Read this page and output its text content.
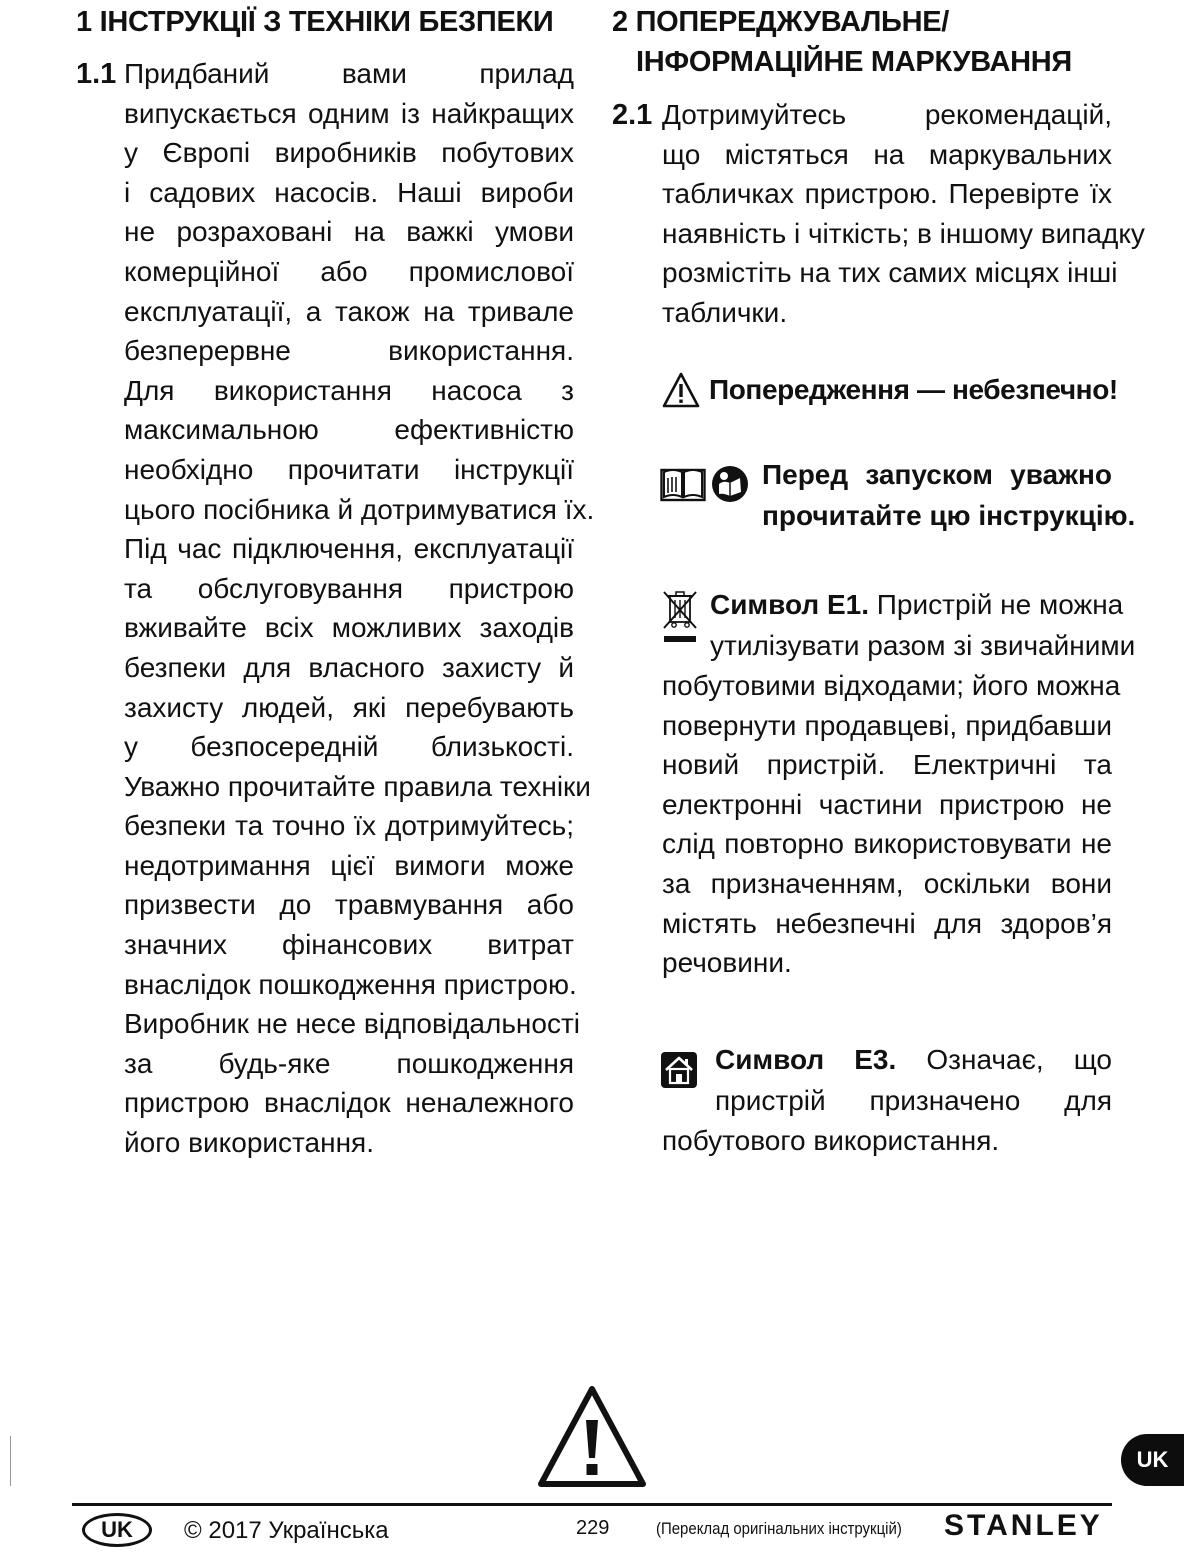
1 ІНСТРУКЦІЇ З ТЕХНІКИ БЕЗПЕКИ
1.1 Придбаний вами прилад
випускається одним із найкращих
у Європі виробників побутових
і садових насосів. Наші вироби
не розраховані на важкі умови
комерційної або промислової
експлуатації, а також на тривале
безперервне використання.
Для використання насоса з
максимальною ефективністю
необхідно прочитати інструкції
цього посібника й дотримуватися їх.
Під час підключення, експлуатації
та обслуговування пристрою
вживайте всіх можливих заходів
безпеки для власного захисту й
захисту людей, які перебувають
у безпосередній близькості.
Уважно прочитайте правила техніки
безпеки та точно їх дотримуйтесь;
недотримання цієї вимоги може
призвести до травмування або
значних фінансових витрат
внаслідок пошкодження пристрою.
Виробник не несе відповідальності
за будь-яке пошкодження
пристрою внаслідок неналежного
його використання.
2 ПОПЕРЕДЖУВАЛЬНЕ/
ІНФОРМАЦІЙНЕ МАРКУВАННЯ
2.1 Дотримуйтесь рекомендацій,
що містяться на маркувальних
табличках пристрою. Перевірте їх
наявність і чіткість; в іншому випадку
розмістіть на тих самих місцях інші
таблички.
Попередження — небезпечно!
Перед запуском уважно
прочитайте цю інструкцію.
Символ Е1. Пристрій не можна
утилізувати разом зі звичайними
побутовими відходами; його можна
повернути продавцеві, придбавши
новий пристрій. Електричні та
електронні частини пристрою не
слід повторно використовувати не
за призначенням, оскільки вони
містять небезпечні для здоров’я
речовини.
Символ Е3. Означає, що
пристрій призначено для
побутового використання.
UK
UK	© 2017 Українська	229	(Переклад оригінальних інструкцій) STANLEY
